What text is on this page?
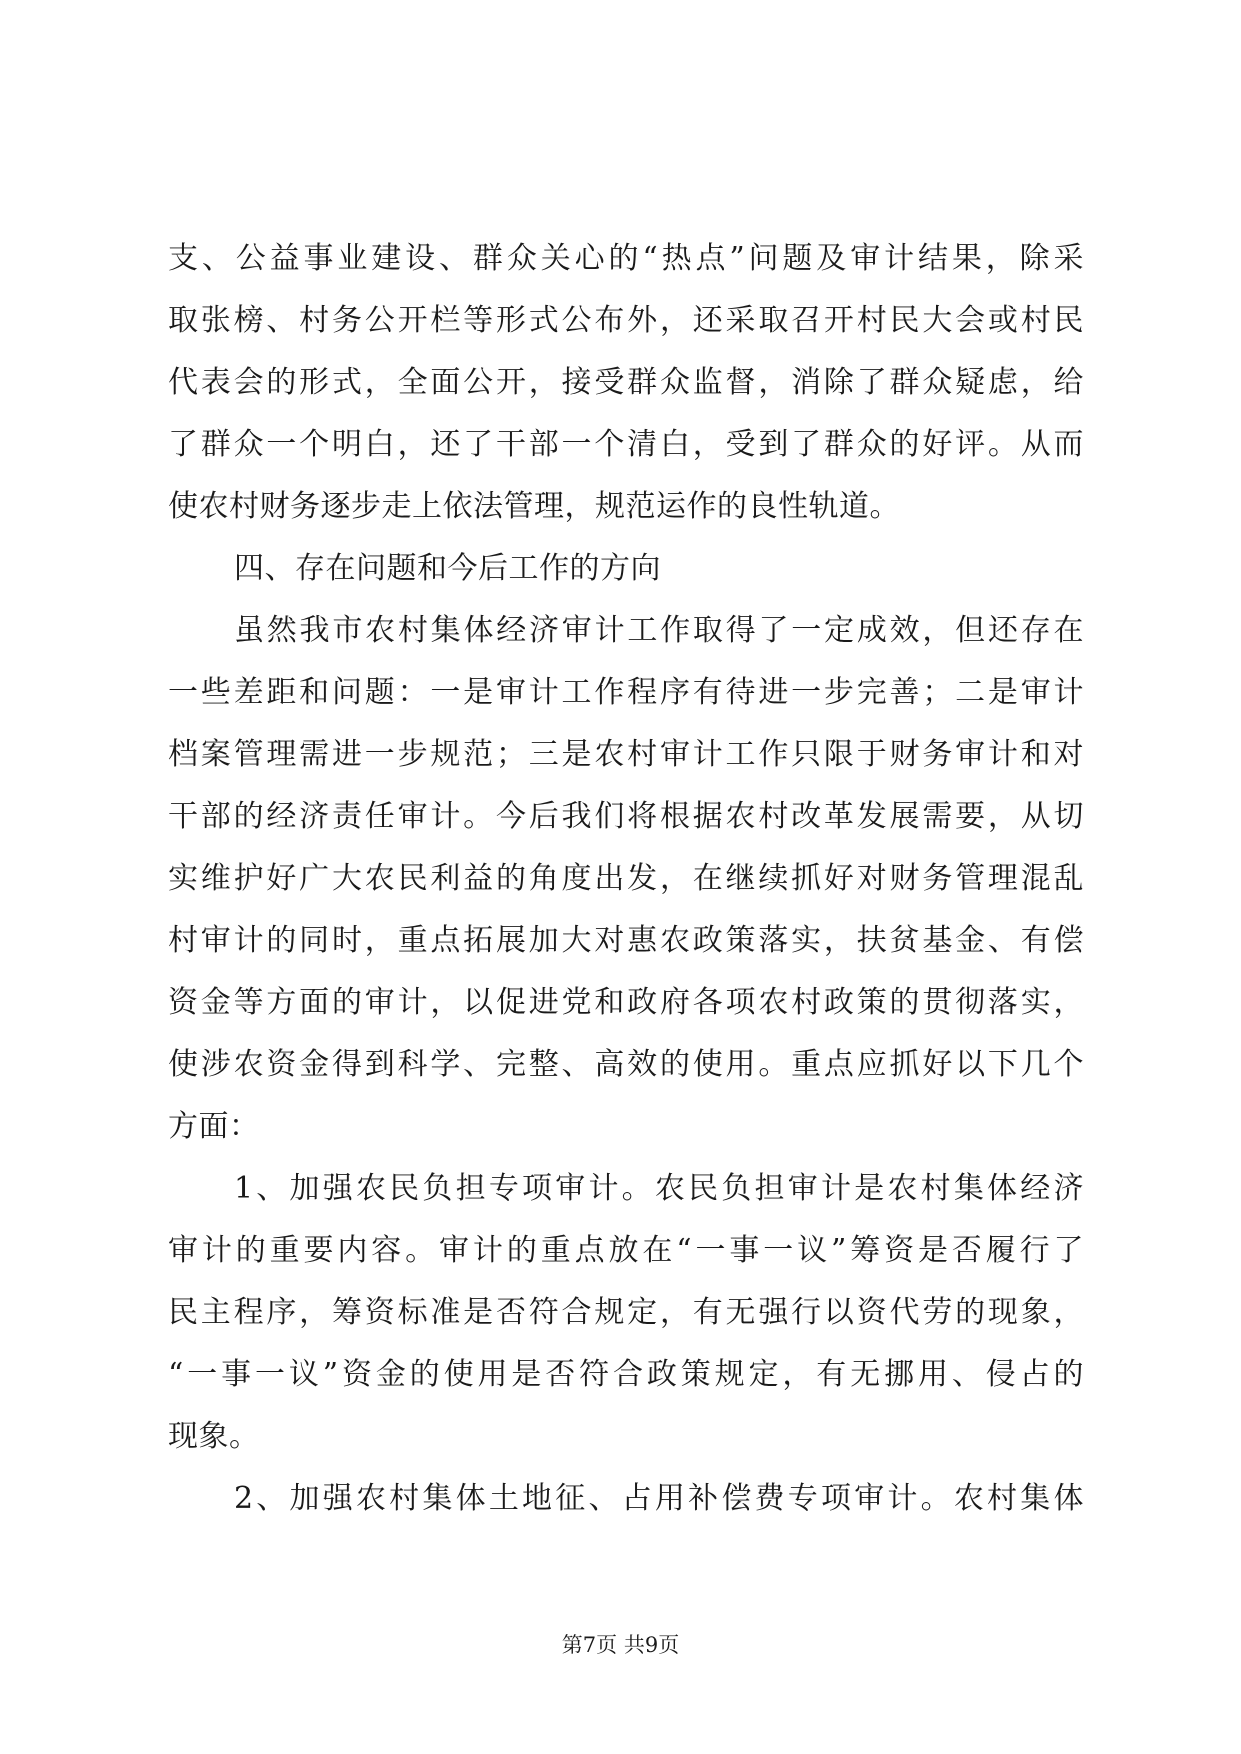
支、公益事业建设、群众关心的“热点”问题及审计结果，除采
取张榜、村务公开栏等形式公布外，还采取召开村民大会或村民
代表会的形式，全面公开，接受群众监督，消除了群众疑虑，给
了群众一个明白，还了干部一个清白，受到了群众的好评。从而
使农村财务逐步走上依法管理，规范运作的良性轨道。
四、存在问题和今后工作的方向
虽然我市农村集体经济审计工作取得了一定成效，但还存在
一些差距和问题：一是审计工作程序有待进一步完善；二是审计
档案管理需进一步规范；三是农村审计工作只限于财务审计和对
干部的经济责任审计。今后我们将根据农村改革发展需要，从切
实维护好广大农民利益的角度出发，在继续抓好对财务管理混乱
村审计的同时，重点拓展加大对惠农政策落实，扶贫基金、有偿
资金等方面的审计，以促进党和政府各项农村政策的贯彻落实，
使涉农资金得到科学、完整、高效的使用。重点应抓好以下几个
方面：
1、加强农民负担专项审计。农民负担审计是农村集体经济
审计的重要内容。审计的重点放在“一事一议”筹资是否履行了
民主程序，筹资标准是否符合规定，有无强行以资代劳的现象，
“一事一议”资金的使用是否符合政策规定，有无挪用、侵占的
现象。
2、加强农村集体土地征、占用补偿费专项审计。农村集体
第7页 共9页
